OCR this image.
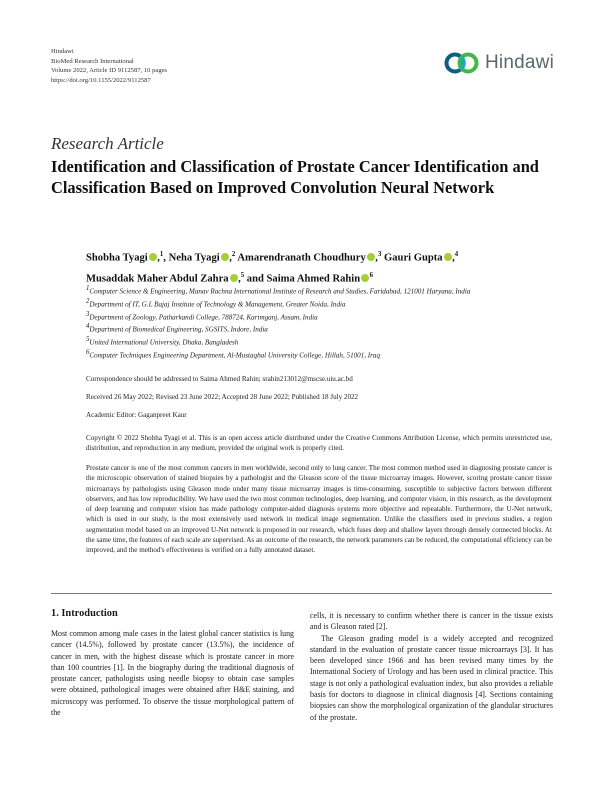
Hindawi
BioMed Research International
Volume 2022, Article ID 9112587, 10 pages
https://doi.org/10.1155/2022/9112587
Hindawi
Research Article
Identification and Classification of Prostate Cancer Identification and Classification Based on Improved Convolution Neural Network
Shobha Tyagi ,$^1$, Neha Tyagi ,$^2$ Amarendranath Choudhury ,$^3$ Gauri Gupta ,$^4$
Musaddak Maher Abdul Zahra ,$^5$ and Saima Ahmed Rahin $^6$

$^1$Computer Science & Engineering, Manav Rachna International Institute of Research and Studies, Faridabad, 121001 Haryana, India

$^2$Department of IT, G.L Bajaj Institute of Technology & Management, Greater Noida, India

$^3$Department of Zoology, Patharkandi College, 788724, Karimganj, Assam, India

$^4$Department of Biomedical Engineering, SGSITS, Indore, India

$^5$United International University, Dhaka, Bangladesh

$^6$Computer Techniques Engineering Department, Al-Mustaqbal University College, Hillah, 51001, Iraq

Correspondence should be addressed to Saima Ahmed Rahin; srahin213012@mscse.uiu.ac.bd
Received 26 May 2022; Revised 23 June 2022; Accepted 28 June 2022; Published 18 July 2022
Academic Editor: Gaganpreet Kaur
Copyright © 2022 Shobha Tyagi et al. This is an open access article distributed under the Creative Commons Attribution License, which permits unrestricted use, distribution, and reproduction in any medium, provided the original work is properly cited.
Prostate cancer is one of the most common cancers in men worldwide, second only to lung cancer. The most common method used in diagnosing prostate cancer is the microscopic observation of stained biopsies by a pathologist and the Gleason score of the tissue microarray images. However, scoring prostate cancer tissue microarrays by pathologists using Gleason mode under many tissue microarray images is time-consuming, susceptible to subjective factors between different observers, and has low reproducibility. We have used the two most common technologies, deep learning, and computer vision, in this research, as the development of deep learning and computer vision has made pathology computer-aided diagnosis systems more objective and repeatable. Furthermore, the U-Net network, which is used in our study, is the most extensively used network in medical image segmentation. Unlike the classifiers used in previous studies, a region segmentation model based on an improved U-Net network is proposed in our research, which fuses deep and shallow layers through densely connected blocks. At the same time, the features of each scale are supervised. As an outcome of the research, the network parameters can be reduced, the computational efficiency can be improved, and the method's effectiveness is verified on a fully annotated dataset.
1. Introduction

Most common among male cases in the latest global cancer statistics is lung cancer (14.5%), followed by prostate cancer (13.5%), the incidence of cancer in men, with the highest disease which is prostate cancer in more than 100 countries [1]. In the biography during the traditional diagnosis of prostate cancer, pathologists using needle biopsy to obtain case samples were obtained, pathological images were obtained after H&E staining, and microscopy was performed. To observe the tissue morphological pattern of the

cells, it is necessary to confirm whether there is cancer in the tissue exists and is Gleason rated [2].

The Gleason grading model is a widely accepted and recognized standard in the evaluation of prostate cancer tissue microarrays [3]. It has been developed since 1966 and has been revised many times by the International Society of Urology and has been used in clinical practice. This stage is not only a pathological evaluation index, but also provides a reliable basis for doctors to diagnose in clinical diagnosis [4]. Sections containing biopsies can show the morphological organization of the glandular structures of the prostate.
